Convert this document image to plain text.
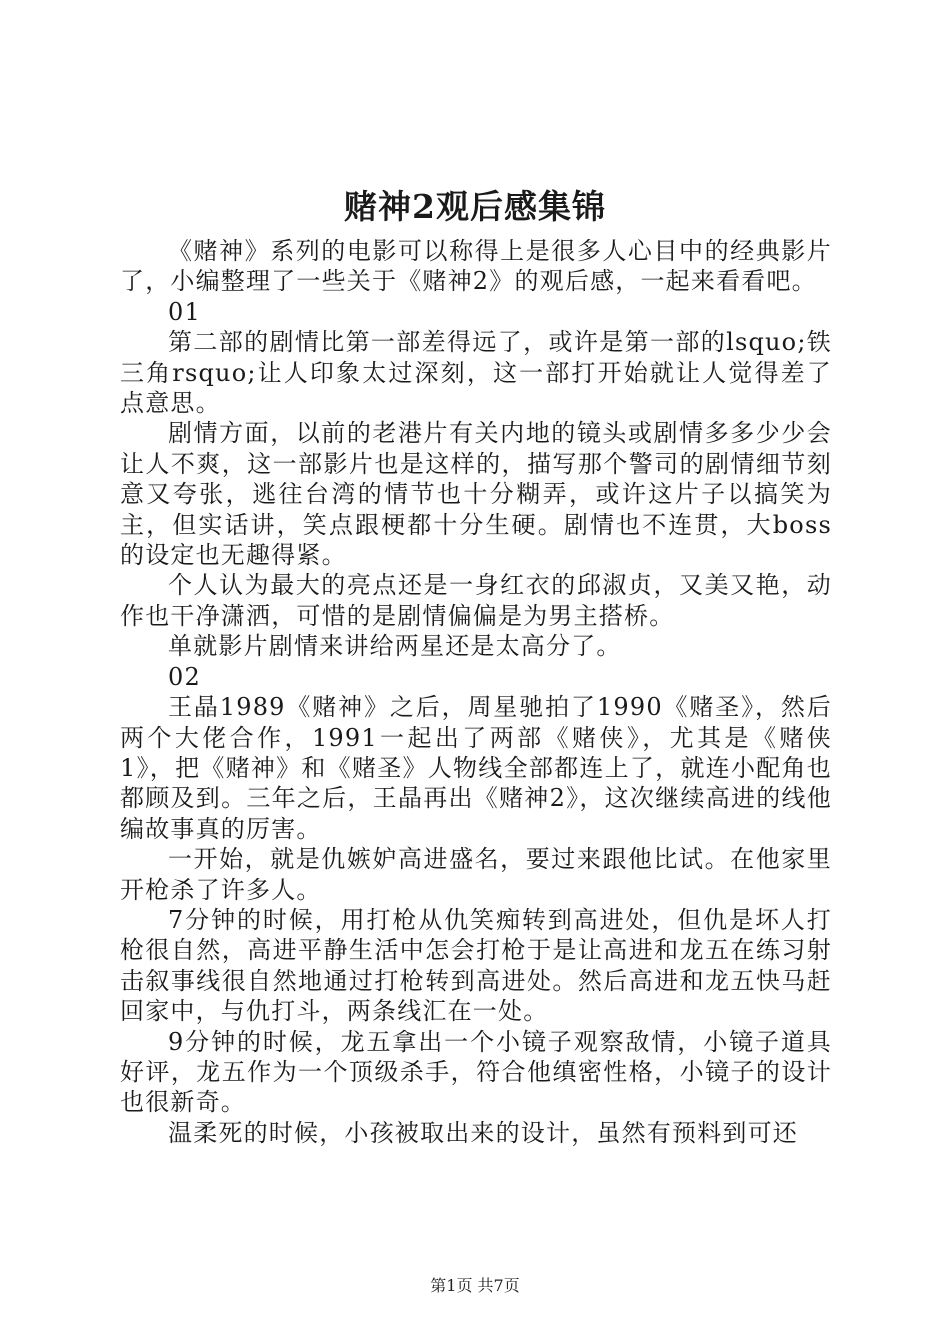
赌神2观后感集锦

《赌神》系列的电影可以称得上是很多人心目中的经典影片了，小编整理了一些关于《赌神2》的观后感，一起来看看吧。

01

第二部的剧情比第一部差得远了，或许是第一部的lsquo;铁三角rsquo;让人印象太过深刻，这一部打开始就让人觉得差了点意思。

剧情方面，以前的老港片有关内地的镜头或剧情多多少少会让人不爽，这一部影片也是这样的，描写那个警司的剧情细节刻意又夸张，逃往台湾的情节也十分糊弄，或许这片子以搞笑为主，但实话讲，笑点跟梗都十分生硬。剧情也不连贯，大boss的设定也无趣得紧。

个人认为最大的亮点还是一身红衣的邱淑贞，又美又艳，动作也干净潇洒，可惜的是剧情偏偏是为男主搭桥。

单就影片剧情来讲给两星还是太高分了。

02

王晶1989《赌神》之后，周星驰拍了1990《赌圣》，然后两个大佬合作，1991一起出了两部《赌侠》，尤其是《赌侠1》，把《赌神》和《赌圣》人物线全部都连上了，就连小配角也都顾及到。三年之后，王晶再出《赌神2》，这次继续高进的线他编故事真的厉害。

一开始，就是仇嫉妒高进盛名，要过来跟他比试。在他家里开枪杀了许多人。

7分钟的时候，用打枪从仇笑痴转到高进处，但仇是坏人打枪很自然，高进平静生活中怎会打枪于是让高进和龙五在练习射击叙事线很自然地通过打枪转到高进处。然后高进和龙五快马赶回家中，与仇打斗，两条线汇在一处。

9分钟的时候，龙五拿出一个小镜子观察敌情，小镜子道具好评，龙五作为一个顶级杀手，符合他缜密性格，小镜子的设计也很新奇。

温柔死的时候，小孩被取出来的设计，虽然有预料到可还

第1页 共7页
